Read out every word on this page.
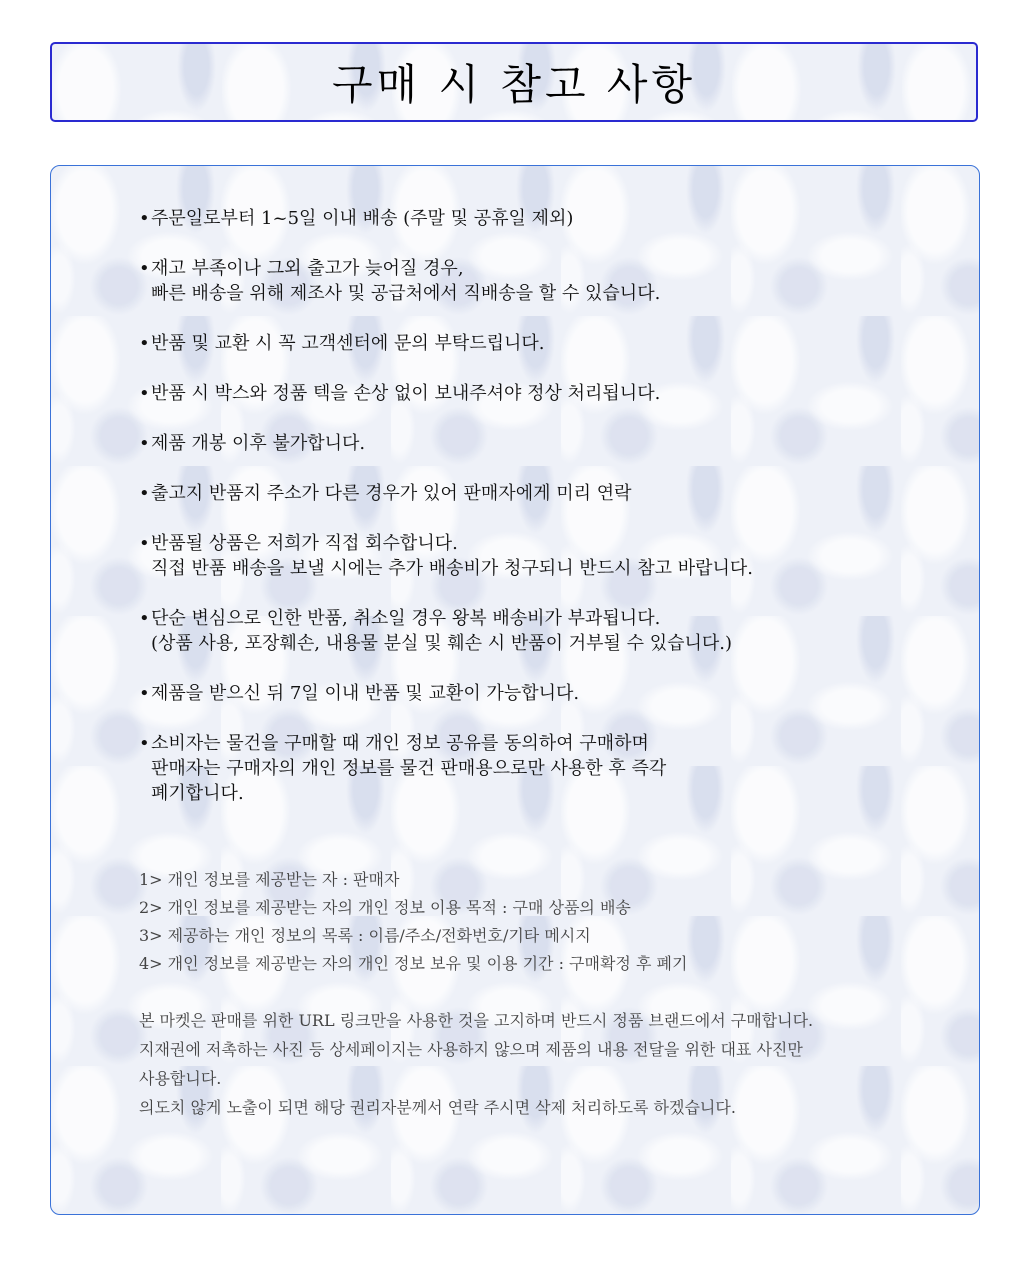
구매 시 참고 사항
• 주문일로부터 1~5일 이내 배송 (주말 및 공휴일 제외)
• 재고 부족이나 그외 출고가 늦어질 경우,
빠른 배송을 위해 제조사 및 공급처에서 직배송을 할 수 있습니다.
• 반품 및 교환 시 꼭 고객센터에 문의 부탁드립니다.
• 반품 시 박스와 정품 텍을 손상 없이 보내주셔야 정상 처리됩니다.
• 제품 개봉 이후 불가합니다.
• 출고지 반품지 주소가 다른 경우가 있어 판매자에게 미리 연락
• 반품될 상품은 저희가 직접 회수합니다.
직접 반품 배송을 보낼 시에는 추가 배송비가 청구되니 반드시 참고 바랍니다.
• 단순 변심으로 인한 반품, 취소일 경우 왕복 배송비가 부과됩니다.
(상품 사용, 포장훼손, 내용물 분실 및 훼손 시 반품이 거부될 수 있습니다.)
• 제품을 받으신 뒤 7일 이내 반품 및 교환이 가능합니다.
• 소비자는 물건을 구매할 때 개인 정보 공유를 동의하여 구매하며
판매자는 구매자의 개인 정보를 물건 판매용으로만 사용한 후 즉각
폐기합니다.
1> 개인 정보를 제공받는 자 : 판매자
2> 개인 정보를 제공받는 자의 개인 정보 이용 목적 : 구매 상품의 배송
3> 제공하는 개인 정보의 목록 : 이름/주소/전화번호/기타 메시지
4> 개인 정보를 제공받는 자의 개인 정보 보유 및 이용 기간 : 구매확정 후 폐기
본 마켓은 판매를 위한 URL 링크만을 사용한 것을 고지하며 반드시 정품 브랜드에서 구매합니다.
지재권에 저촉하는 사진 등 상세페이지는 사용하지 않으며 제품의 내용 전달을 위한 대표 사진만
사용합니다.
의도치 않게 노출이 되면 해당 권리자분께서 연락 주시면 삭제 처리하도록 하겠습니다.
